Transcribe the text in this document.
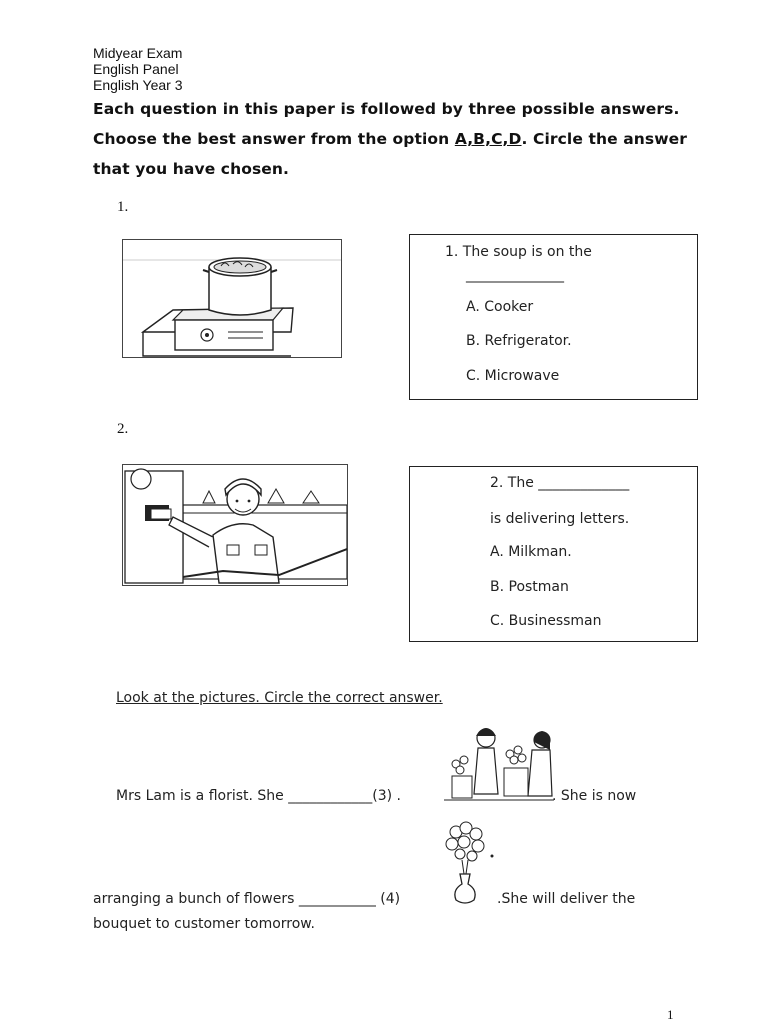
Midyear Exam
English Panel
English Year 3
Each question in this paper is followed by three possible answers. Choose the best answer from the option A,B,C,D. Circle the answer that you have chosen.
1.
1. The soup is on the
______________
A. Cooker
B. Refrigerator.
C. Microwave
2.
2. The _____________
is delivering letters.
A. Milkman.
B. Postman
C. Businessman
Look at the pictures. Circle the correct answer.
Mrs Lam is a florist. She ____________(3) .	. She is now
arranging a bunch of flowers ___________ (4)	.She will deliver the
bouquet to customer tomorrow.
1
